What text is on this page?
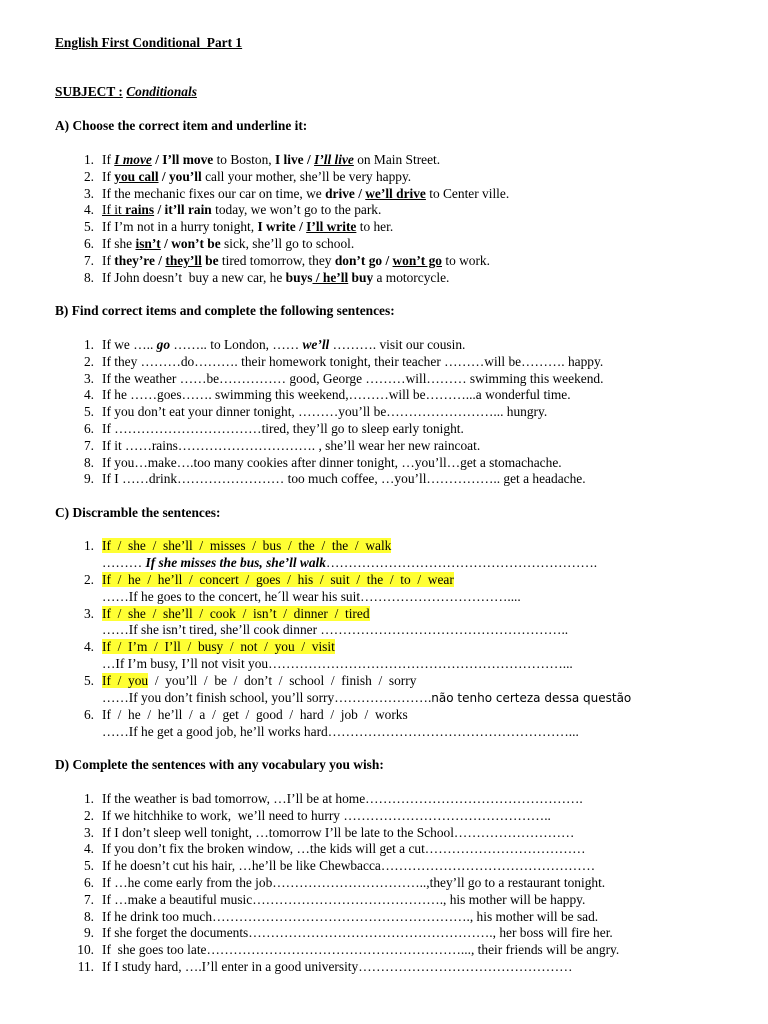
English First Conditional  Part 1
SUBJECT : Conditionals
A) Choose the correct item and underline it:
1. If I move / I’ll move to Boston, I live / I’ll live on Main Street.
2. If you call / you’ll call your mother, she’ll be very happy.
3. If the mechanic fixes our car on time, we drive / we’ll drive to Center ville.
4. If it rains / it’ll rain today, we won’t go to the park.
5. If I’m not in a hurry tonight, I write / I’ll write to her.
6. If she isn’t / won’t be sick, she’ll go to school.
7. If they’re / they’ll be tired tomorrow, they don’t go / won’t go to work.
8. If John doesn’t  buy a new car, he buys / he’ll buy a motorcycle.
B) Find correct items and complete the following sentences:
1. If we ….. go …….. to London, …… we’ll ………. visit our cousin.
2. If they ………do………. their homework tonight, their teacher ………will be………. happy.
3. If the weather ……be…………… good, George ………will……… swimming this weekend.
4. If he ……goes……. swimming this weekend,………will be………...a wonderful time.
5. If you don’t eat your dinner tonight, ………you’ll be……………………... hungry.
6. If ……………………………tired, they’ll go to sleep early tonight.
7. If it ……rains…………………………. , she’ll wear her new raincoat.
8. If you…make….too many cookies after dinner tonight, …you’ll…get a stomachache.
9. If I ……drink…………………… too much coffee, …you’ll…………….. get a headache.
C) Discramble the sentences:
1. If  /  she  /  she’ll  /  misses  /  bus  /  the  /  the  /  walk
……… If she misses the bus, she’ll walk…………………………………………………….
2. If  /  he  /  he’ll  /  concert  /  goes  /  his  /  suit  /  the  /  to  /  wear
……If he goes to the concert, he´ll wear his suit……………………………....
3. If  /  she  /  she’ll  /  cook  /  isn’t  /  dinner  /  tired
……If she isn’t tired, she’ll cook dinner ………………………………………………..
4. If  /  I’m  /  I’ll  /  busy  /  not  /  you  /  visit
…If I’m busy, I’ll not visit you…………………………………………………………...
5. If  /  you  /  you’ll  /  be  /  don’t  /  school  /  finish  /  sorry
……If you don’t finish school, you’ll sorry………………….não tenho certeza dessa questão
6. If  /  he  /  he’ll  /  a  /  get  /  good  /  hard  /  job  /  works
……If he get a good job, he’ll works hard………………………………………………...
D) Complete the sentences with any vocabulary you wish:
1. If the weather is bad tomorrow, …I’ll be at home………………………………………….
2. If we hitchhike to work,  we’ll need to hurry ………………………………………..
3. If I don’t sleep well tonight, …tomorrow I’ll be late to the School………………………
4. If you don’t fix the broken window, …the kids will get a cut………………………………
5. If he doesn’t cut his hair, …he’ll be like Chewbacca…………………………………………
6. If …he come early from the job……………………………..,they’ll go to a restaurant tonight.
7. If …make a beautiful music……………………………………., his mother will be happy.
8. If he drink too much…………………………………………………., his mother will be sad.
9. If she forget the documents………………………………………………., her boss will fire her.
10. If  she goes too late…………………………………………………..., their friends will be angry.
11. If I study hard, ….I’ll enter in a good university…………………………………………
